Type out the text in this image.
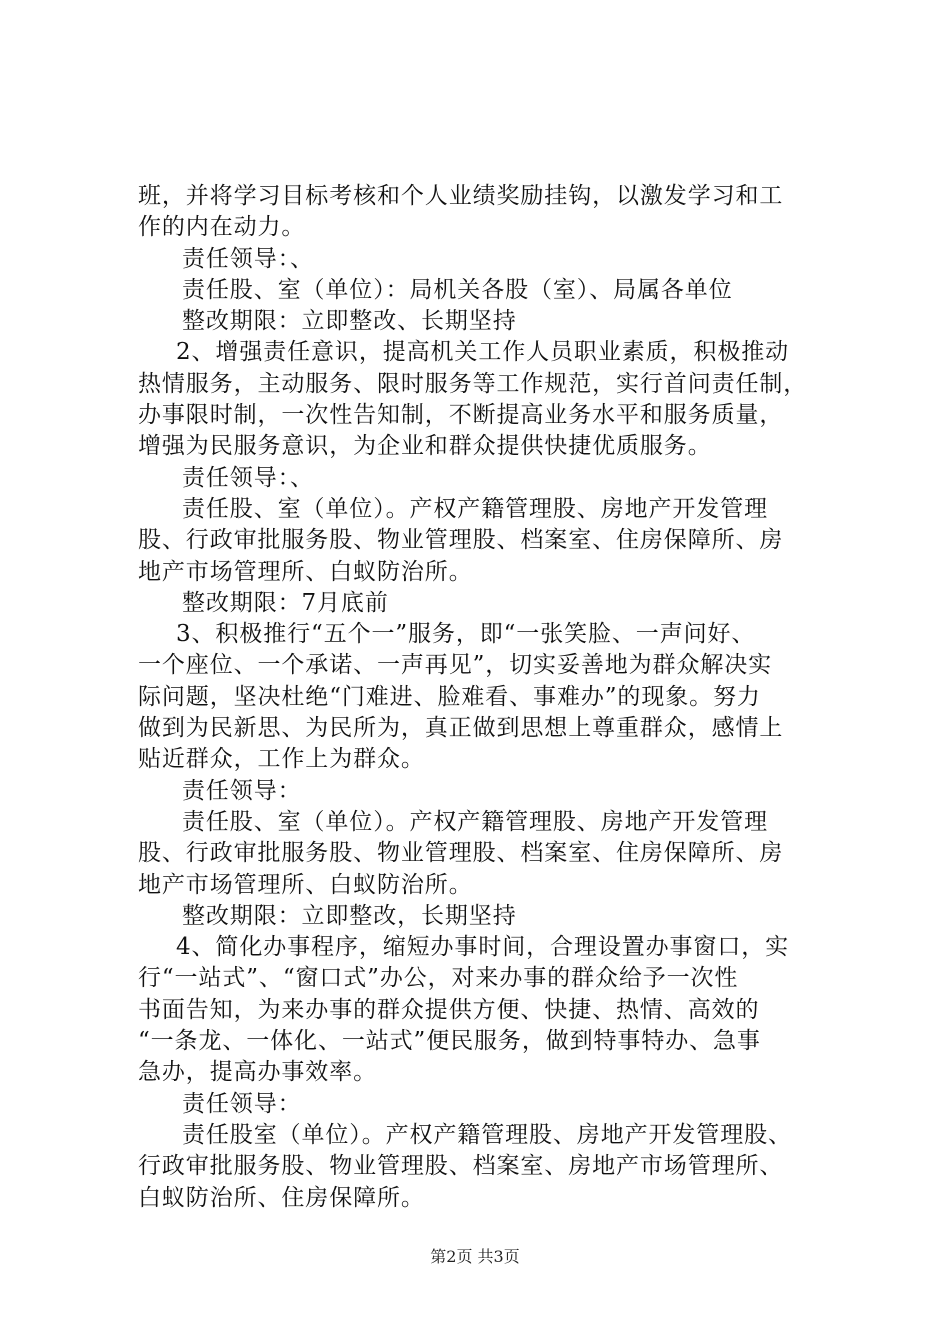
班，并将学习目标考核和个人业绩奖励挂钩，以激发学习和工
作的内在动力。
责任领导：、
责任股、室（单位）：局机关各股（室）、局属各单位
整改期限：立即整改、长期坚持
2、增强责任意识，提高机关工作人员职业素质，积极推动
热情服务，主动服务、限时服务等工作规范，实行首问责任制，
办事限时制，一次性告知制，不断提高业务水平和服务质量，
增强为民服务意识，为企业和群众提供快捷优质服务。
责任领导：、
责任股、室（单位）。产权产籍管理股、房地产开发管理
股、行政审批服务股、物业管理股、档案室、住房保障所、房
地产市场管理所、白蚁防治所。
整改期限：7月底前
3、积极推行“五个一”服务，即“一张笑脸、一声问好、
一个座位、一个承诺、一声再见”，切实妥善地为群众解决实
际问题，坚决杜绝“门难进、脸难看、事难办”的现象。努力
做到为民新思、为民所为，真正做到思想上尊重群众，感情上
贴近群众，工作上为群众。
责任领导：
责任股、室（单位）。产权产籍管理股、房地产开发管理
股、行政审批服务股、物业管理股、档案室、住房保障所、房
地产市场管理所、白蚁防治所。
整改期限：立即整改，长期坚持
4、简化办事程序，缩短办事时间，合理设置办事窗口，实
行“一站式”、“窗口式”办公，对来办事的群众给予一次性
书面告知，为来办事的群众提供方便、快捷、热情、高效的
“一条龙、一体化、一站式”便民服务，做到特事特办、急事
急办，提高办事效率。
责任领导：
责任股室（单位）。产权产籍管理股、房地产开发管理股、
行政审批服务股、物业管理股、档案室、房地产市场管理所、
白蚁防治所、住房保障所。
第2页 共3页
